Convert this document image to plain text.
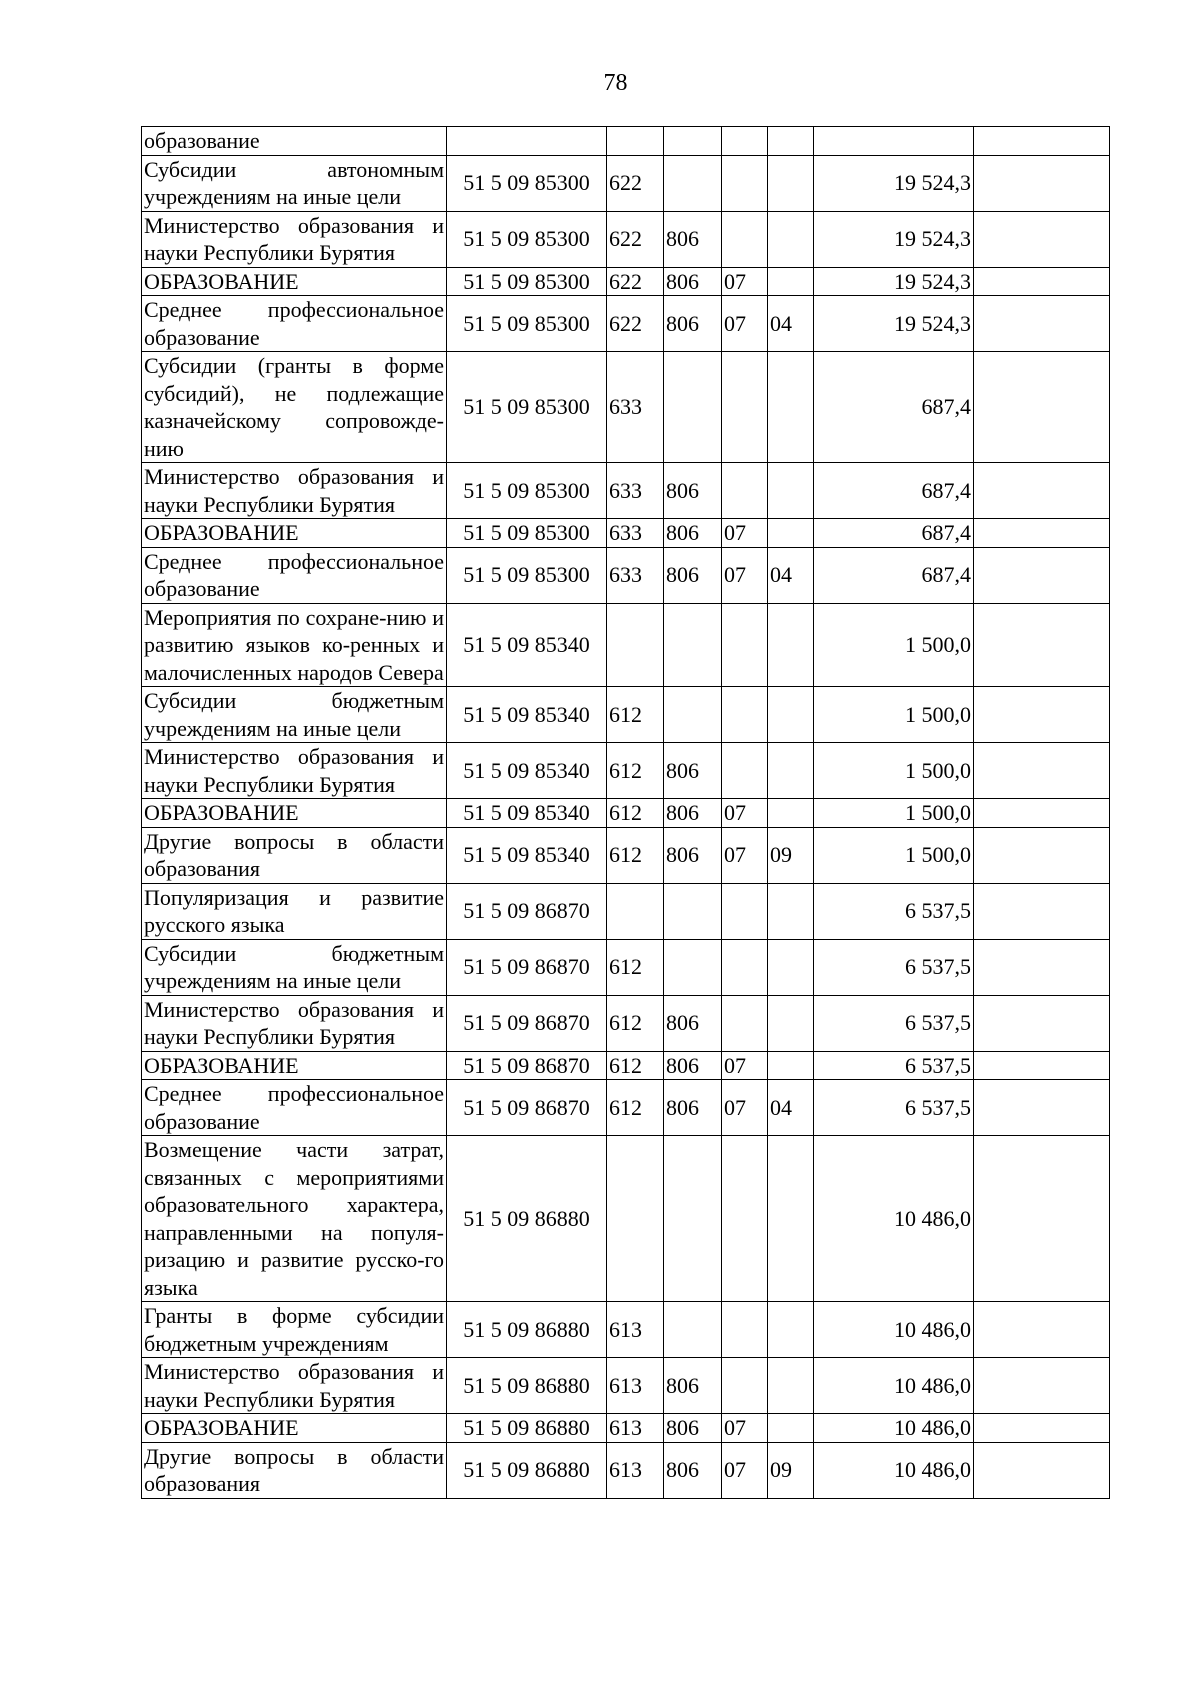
78
образование							
Субсидии автономным учреждениям на иные цели	51 5 09 85300	622				19 524,3	
Министерство образования и науки Республики Бурятия	51 5 09 85300	622	806			19 524,3	
ОБРАЗОВАНИЕ	51 5 09 85300	622	806	07		19 524,3	
Среднее профессиональное образование	51 5 09 85300	622	806	07	04	19 524,3	
Субсидии (гранты в форме субсидий), не подлежащие казначейскому сопровожде-нию	51 5 09 85300	633				687,4	
Министерство образования и науки Республики Бурятия	51 5 09 85300	633	806			687,4	
ОБРАЗОВАНИЕ	51 5 09 85300	633	806	07		687,4	
Среднее профессиональное образование	51 5 09 85300	633	806	07	04	687,4	
Мероприятия по сохране-нию и развитию языков ко-ренных и малочисленных народов Севера	51 5 09 85340					1 500,0	
Субсидии бюджетным учреждениям на иные цели	51 5 09 85340	612				1 500,0	
Министерство образования и науки Республики Бурятия	51 5 09 85340	612	806			1 500,0	
ОБРАЗОВАНИЕ	51 5 09 85340	612	806	07		1 500,0	
Другие вопросы в области образования	51 5 09 85340	612	806	07	09	1 500,0	
Популяризация и развитие русского языка	51 5 09 86870					6 537,5	
Субсидии бюджетным учреждениям на иные цели	51 5 09 86870	612				6 537,5	
Министерство образования и науки Республики Бурятия	51 5 09 86870	612	806			6 537,5	
ОБРАЗОВАНИЕ	51 5 09 86870	612	806	07		6 537,5	
Среднее профессиональное образование	51 5 09 86870	612	806	07	04	6 537,5	
Возмещение части затрат, связанных с мероприятиями образовательного характера, направленными на популя-ризацию и развитие русско-го языка	51 5 09 86880					10 486,0	
Гранты в форме субсидии бюджетным учреждениям	51 5 09 86880	613				10 486,0	
Министерство образования и науки Республики Бурятия	51 5 09 86880	613	806			10 486,0	
ОБРАЗОВАНИЕ	51 5 09 86880	613	806	07		10 486,0	
Другие вопросы в области образования	51 5 09 86880	613	806	07	09	10 486,0	
